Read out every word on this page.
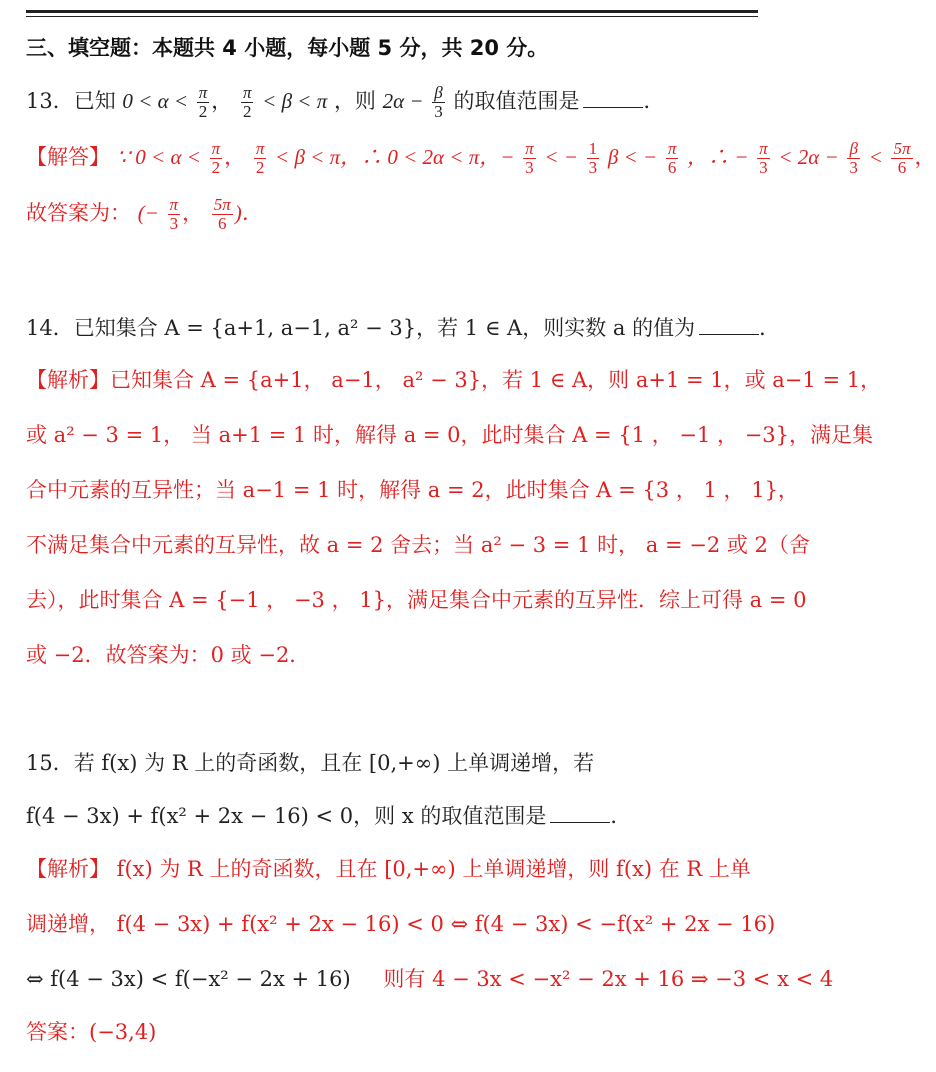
三、填空题：本题共 4 小题，每小题 5 分，共 20 分。
13．已知 $0 < \alpha < \frac{\pi}{2}$ ， $\frac{\pi}{2} < \beta < \pi$ ，则 $2\alpha - \frac{\beta}{3}$ 的取值范围是	．
【解答】 ∵ $0 < \alpha < \frac{\pi}{2}$ ， $\frac{\pi}{2} < \beta < \pi$，∴ 0 < 2α < π，− $\frac{\pi}{3}$ < − $\frac{1}{3}$ β < − $\frac{\pi}{6}$ ，∴ − $\frac{\pi}{3} < 2\alpha - \frac{\beta}{3} < \frac{5\pi}{6}$ ，
故答案为： (− $\frac{\pi}{3}$ ， $\frac{5\pi}{6}$ )．
14．已知集合 A = {a+1, a−1, a² − 3}，若 1 ∈ A，则实数 a 的值为	．
【解析】已知集合 A = {a+1， a−1， a² − 3}，若 1 ∈ A，则 a+1 = 1，或 a−1 = 1，
或 a² − 3 = 1， 当 a+1 = 1 时，解得 a = 0，此时集合 A = {1 ， −1 ， −3}，满足集
合中元素的互异性；当 a−1 = 1 时，解得 a = 2，此时集合 A = {3 ， 1 ， 1}，
不满足集合中元素的互异性，故 a = 2 舍去；当 a² − 3 = 1 时， a = −2 或 2（舍
去），此时集合 A = {−1 ， −3 ， 1}，满足集合中元素的互异性．综上可得 a = 0
或 −2．故答案为：0 或 −2．
15．若 f(x) 为 R 上的奇函数，且在 [0,+∞) 上单调递增，若
f(4 − 3x) + f(x² + 2x − 16) < 0，则 x 的取值范围是	．
【解析】 f(x) 为 R 上的奇函数，且在 [0,+∞) 上单调递增，则 f(x) 在 R 上单
调递增， f(4 − 3x) + f(x² + 2x − 16) < 0 ⇔ f(4 − 3x) < −f(x² + 2x − 16)
⇔ f(4 − 3x) < f(−x² − 2x + 16) 则有 4 − 3x < −x² − 2x + 16 ⇒ −3 < x < 4
答案：(−3,4)
